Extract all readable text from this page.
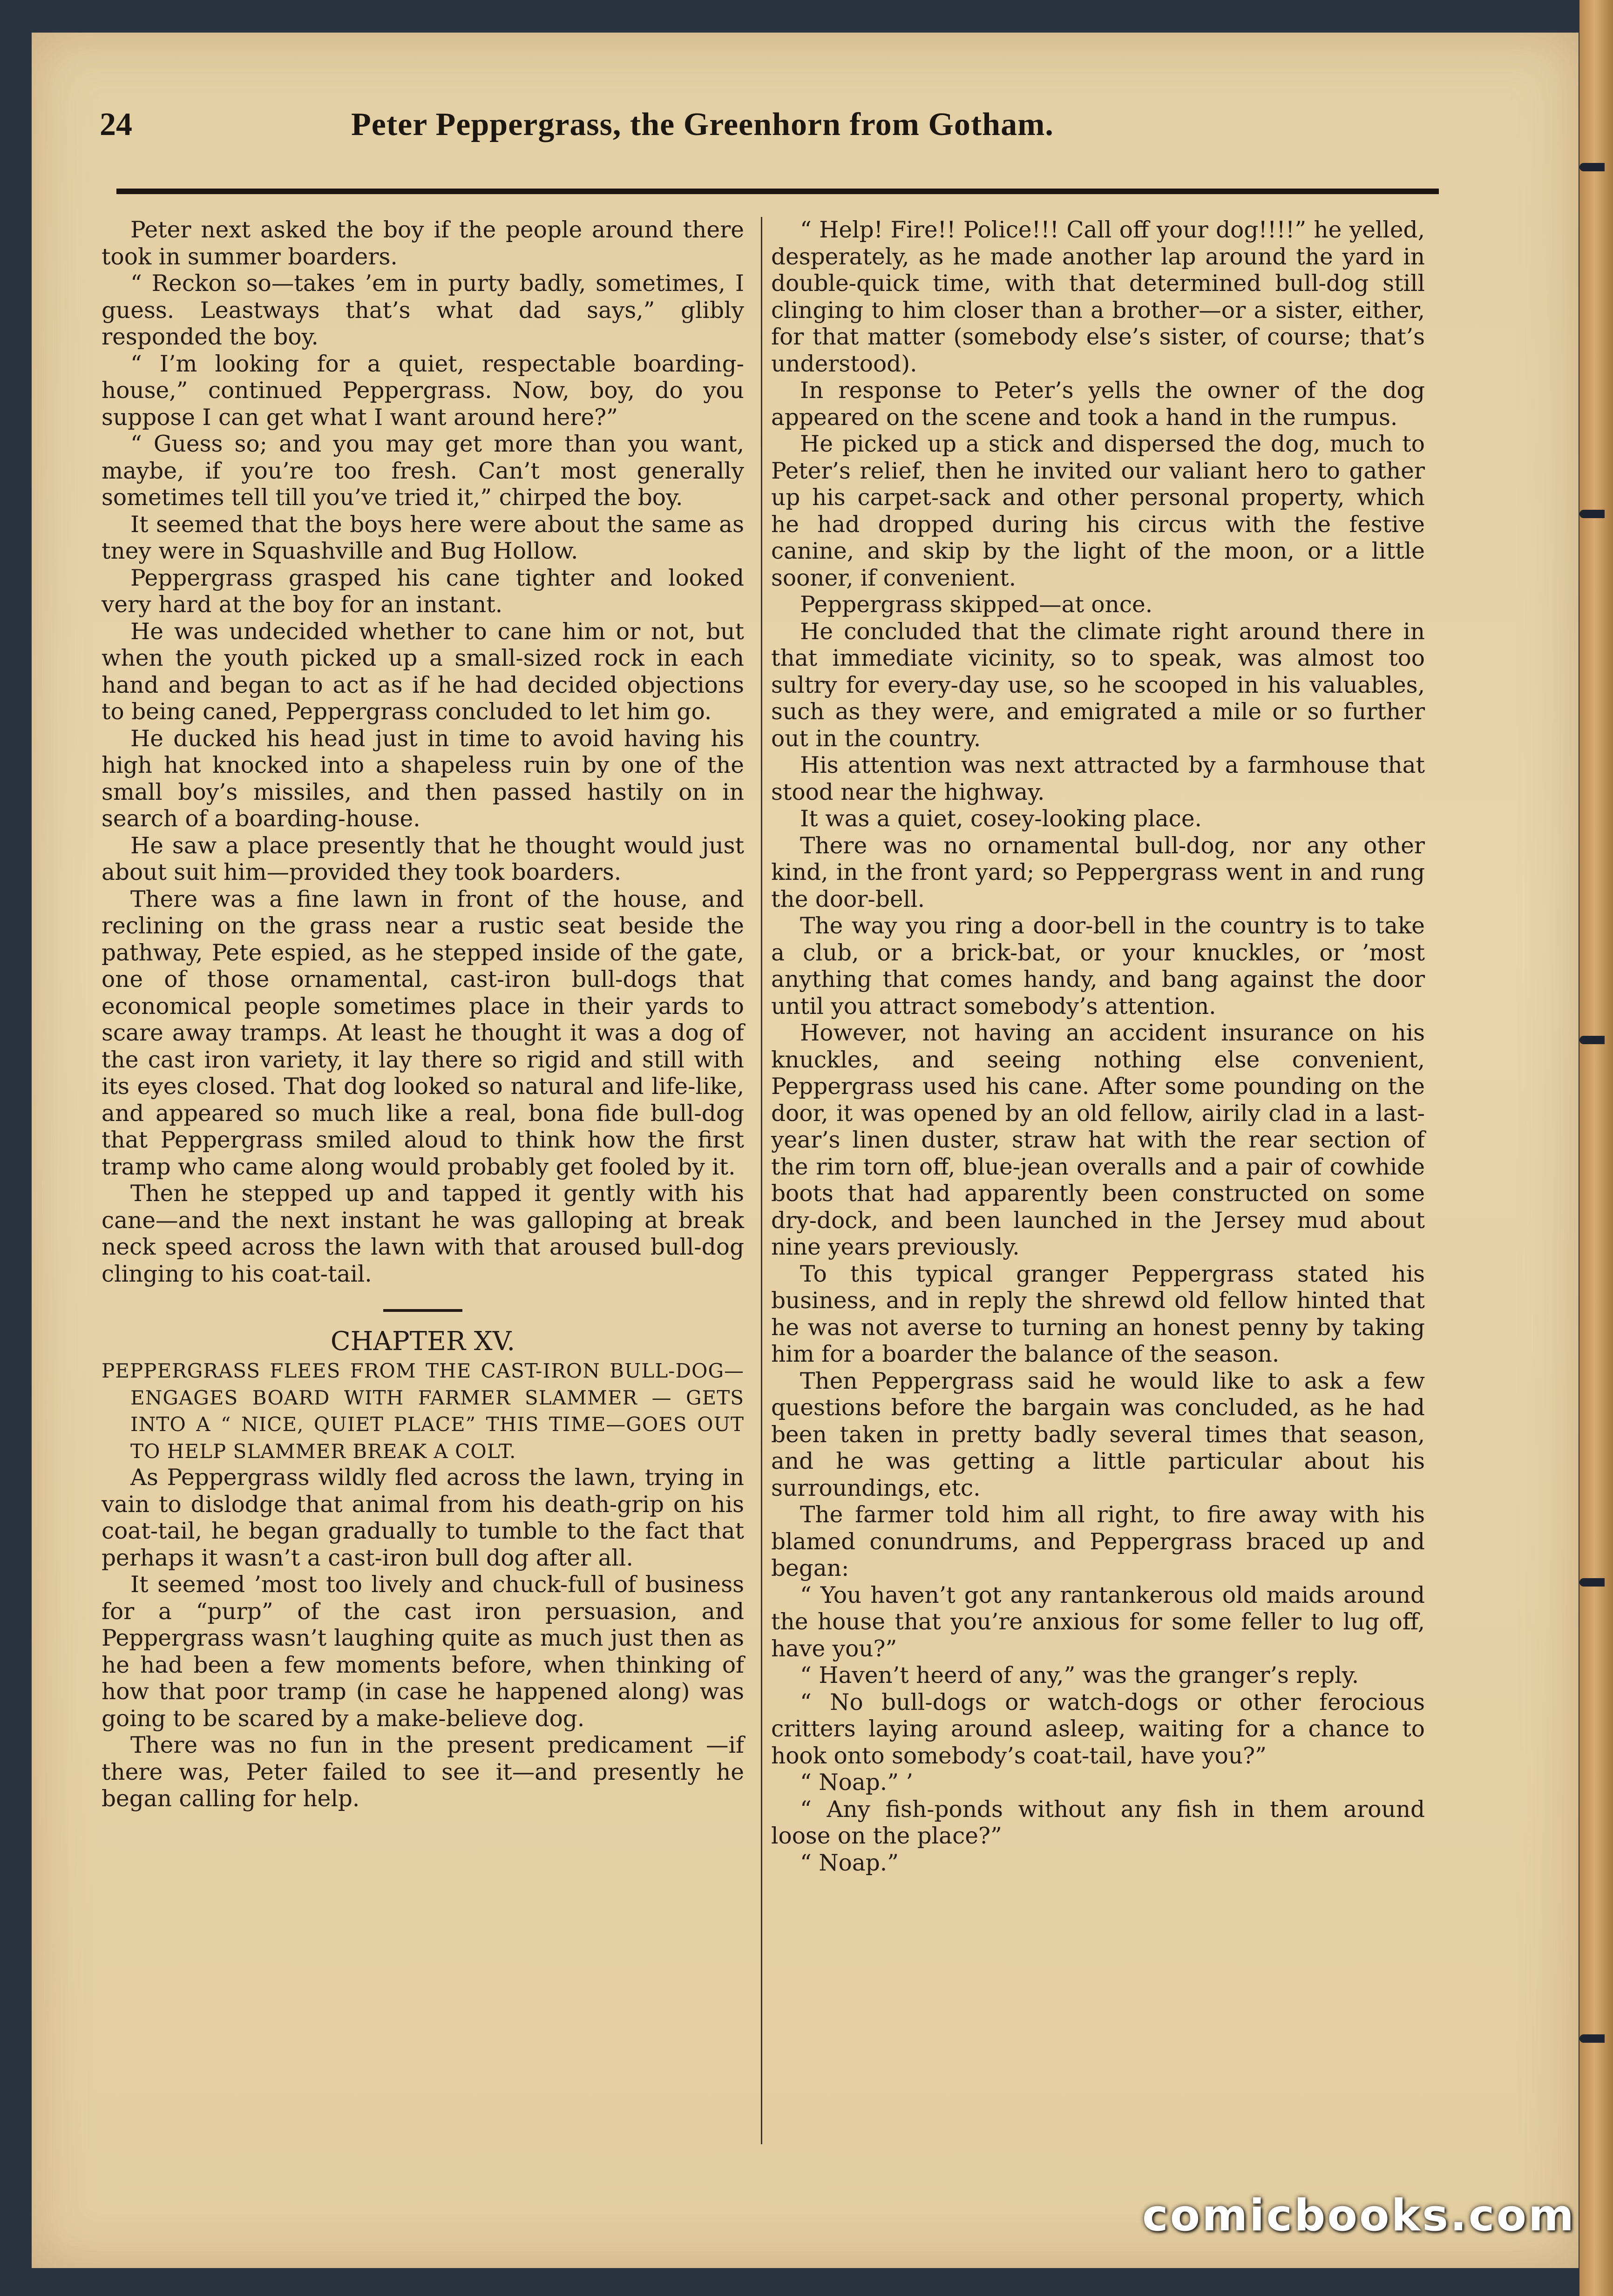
24	Peter Peppergrass, the Greenhorn from Gotham.

Peter next asked the boy if the people around there took in summer boarders.

“ Reckon so—takes ’em in purty badly, sometimes, I guess. Leastways that’s what dad says,” glibly responded the boy.

“ I’m looking for a quiet, respectable boarding-house,” continued Peppergrass. Now, boy, do you suppose I can get what I want around here?”

“ Guess so; and you may get more than you want, maybe, if you’re too fresh. Can’t most generally sometimes tell till you’ve tried it,” chirped the boy.

It seemed that the boys here were about the same as tney were in Squashville and Bug Hollow.

Peppergrass grasped his cane tighter and looked very hard at the boy for an instant.

He was undecided whether to cane him or not, but when the youth picked up a small-sized rock in each hand and began to act as if he had decided objections to being caned, Peppergrass concluded to let him go.

He ducked his head just in time to avoid having his high hat knocked into a shapeless ruin by one of the small boy’s missiles, and then passed hastily on in search of a boarding-house.

He saw a place presently that he thought would just about suit him—provided they took boarders.

There was a fine lawn in front of the house, and reclining on the grass near a rustic seat beside the pathway, Pete espied, as he stepped inside of the gate, one of those ornamental, cast-iron bull-dogs that economical people sometimes place in their yards to scare away tramps. At least he thought it was a dog of the cast iron variety, it lay there so rigid and still with its eyes closed. That dog looked so natural and life-like, and appeared so much like a real, bona fide bull-dog that Peppergrass smiled aloud to think how the first tramp who came along would probably get fooled by it.

Then he stepped up and tapped it gently with his cane—and the next instant he was galloping at break neck speed across the lawn with that aroused bull-dog clinging to his coat-tail.

CHAPTER XV.

PEPPERGRASS FLEES FROM THE CAST-IRON BULL-DOG—ENGAGES BOARD WITH FARMER SLAMMER — GETS INTO A “ NICE, QUIET PLACE” THIS TIME—GOES OUT TO HELP SLAMMER BREAK A COLT.

As Peppergrass wildly fled across the lawn, trying in vain to dislodge that animal from his death-grip on his coat-tail, he began gradually to tumble to the fact that perhaps it wasn’t a cast-iron bull dog after all.

It seemed ’most too lively and chuck-full of business for a “purp” of the cast iron persuasion, and Peppergrass wasn’t laughing quite as much just then as he had been a few moments before, when thinking of how that poor tramp (in case he happened along) was going to be scared by a make-believe dog.

There was no fun in the present predicament —if there was, Peter failed to see it—and presently he began calling for help.

“ Help! Fire!! Police!!! Call off your dog!!!!” he yelled, desperately, as he made another lap around the yard in double-quick time, with that determined bull-dog still clinging to him closer than a brother—or a sister, either, for that matter (somebody else’s sister, of course; that’s understood).

In response to Peter’s yells the owner of the dog appeared on the scene and took a hand in the rumpus.

He picked up a stick and dispersed the dog, much to Peter’s relief, then he invited our valiant hero to gather up his carpet-sack and other personal property, which he had dropped during his circus with the festive canine, and skip by the light of the moon, or a little sooner, if convenient.

Peppergrass skipped—at once.

He concluded that the climate right around there in that immediate vicinity, so to speak, was almost too sultry for every-day use, so he scooped in his valuables, such as they were, and emigrated a mile or so further out in the country.

His attention was next attracted by a farmhouse that stood near the highway.

It was a quiet, cosey-looking place.

There was no ornamental bull-dog, nor any other kind, in the front yard; so Peppergrass went in and rung the door-bell.

The way you ring a door-bell in the country is to take a club, or a brick-bat, or your knuckles, or ’most anything that comes handy, and bang against the door until you attract somebody’s attention.

However, not having an accident insurance on his knuckles, and seeing nothing else convenient, Peppergrass used his cane. After some pounding on the door, it was opened by an old fellow, airily clad in a last-year’s linen duster, straw hat with the rear section of the rim torn off, blue-jean overalls and a pair of cowhide boots that had apparently been constructed on some dry-dock, and been launched in the Jersey mud about nine years previously.

To this typical granger Peppergrass stated his business, and in reply the shrewd old fellow hinted that he was not averse to turning an honest penny by taking him for a boarder the balance of the season.

Then Peppergrass said he would like to ask a few questions before the bargain was concluded, as he had been taken in pretty badly several times that season, and he was getting a little particular about his surroundings, etc.

The farmer told him all right, to fire away with his blamed conundrums, and Peppergrass braced up and began:

“ You haven’t got any rantankerous old maids around the house that you’re anxious for some feller to lug off, have you?”

“ Haven’t heerd of any,” was the granger’s reply.

“ No bull-dogs or watch-dogs or other ferocious critters laying around asleep, waiting for a chance to hook onto somebody’s coat-tail, have you?”

“ Noap.” ’

“ Any fish-ponds without any fish in them around loose on the place?”

“ Noap.”

comicbooks.com
